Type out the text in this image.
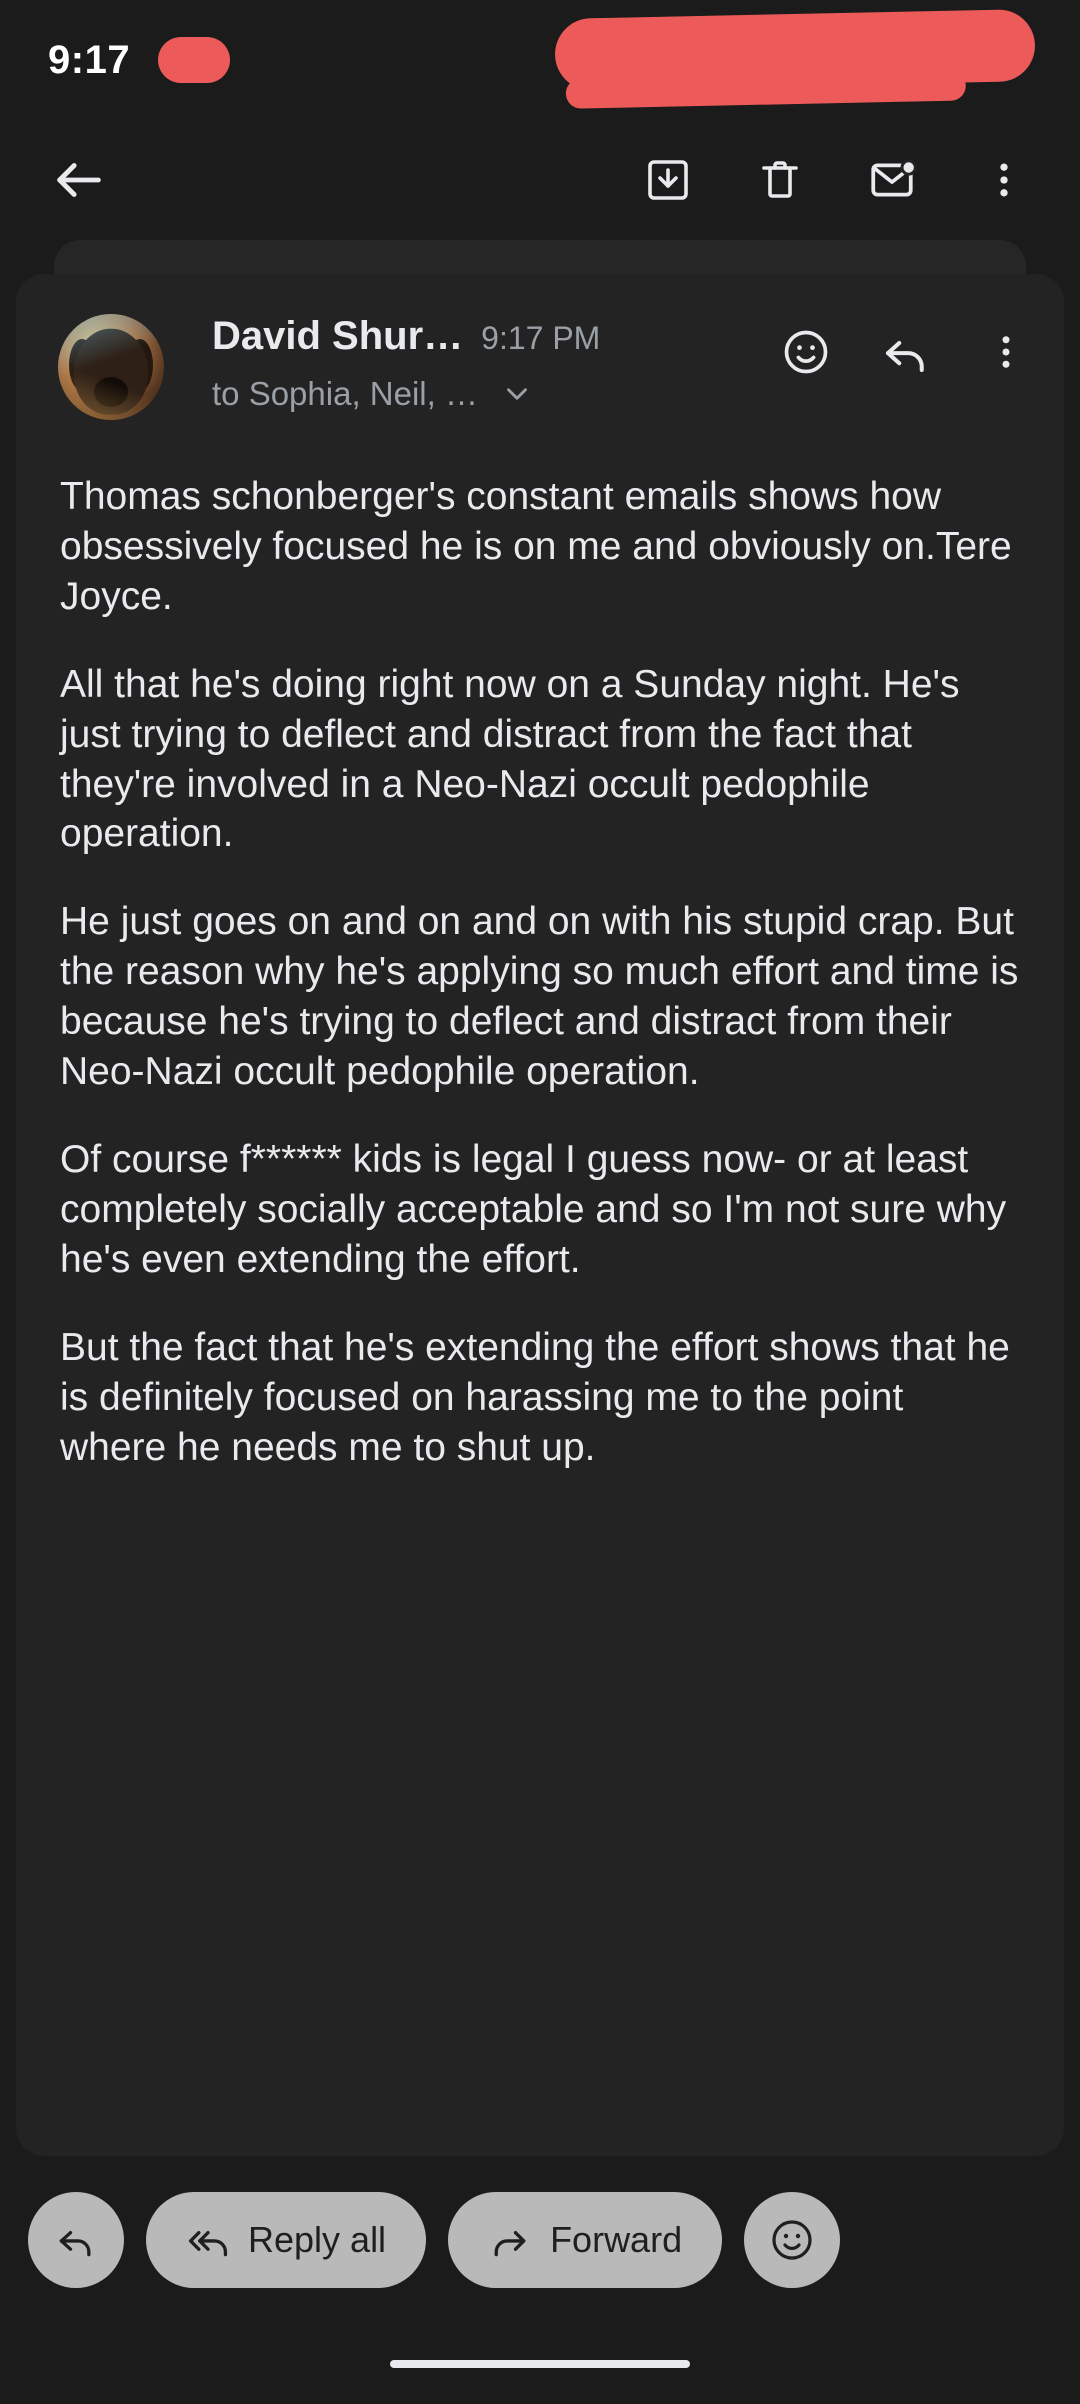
9:17
David Shur… 9:17 PM
to Sophia, Neil, …

Thomas schonberger's constant emails shows how obsessively focused he is on me and obviously on.Tere Joyce.

All that he's doing right now on a Sunday night. He's just trying to deflect and distract from the fact that they're involved in a Neo-Nazi occult pedophile operation.

He just goes on and on and on with his stupid crap. But the reason why he's applying so much effort and time is because he's trying to deflect and distract from their Neo-Nazi occult pedophile operation.

Of course f****** kids is legal I guess now- or at least completely socially acceptable and so I'm not sure why he's even extending the effort.

But the fact that he's extending the effort shows that he is definitely focused on harassing me to the point where he needs me to shut up.

Reply all	Forward
